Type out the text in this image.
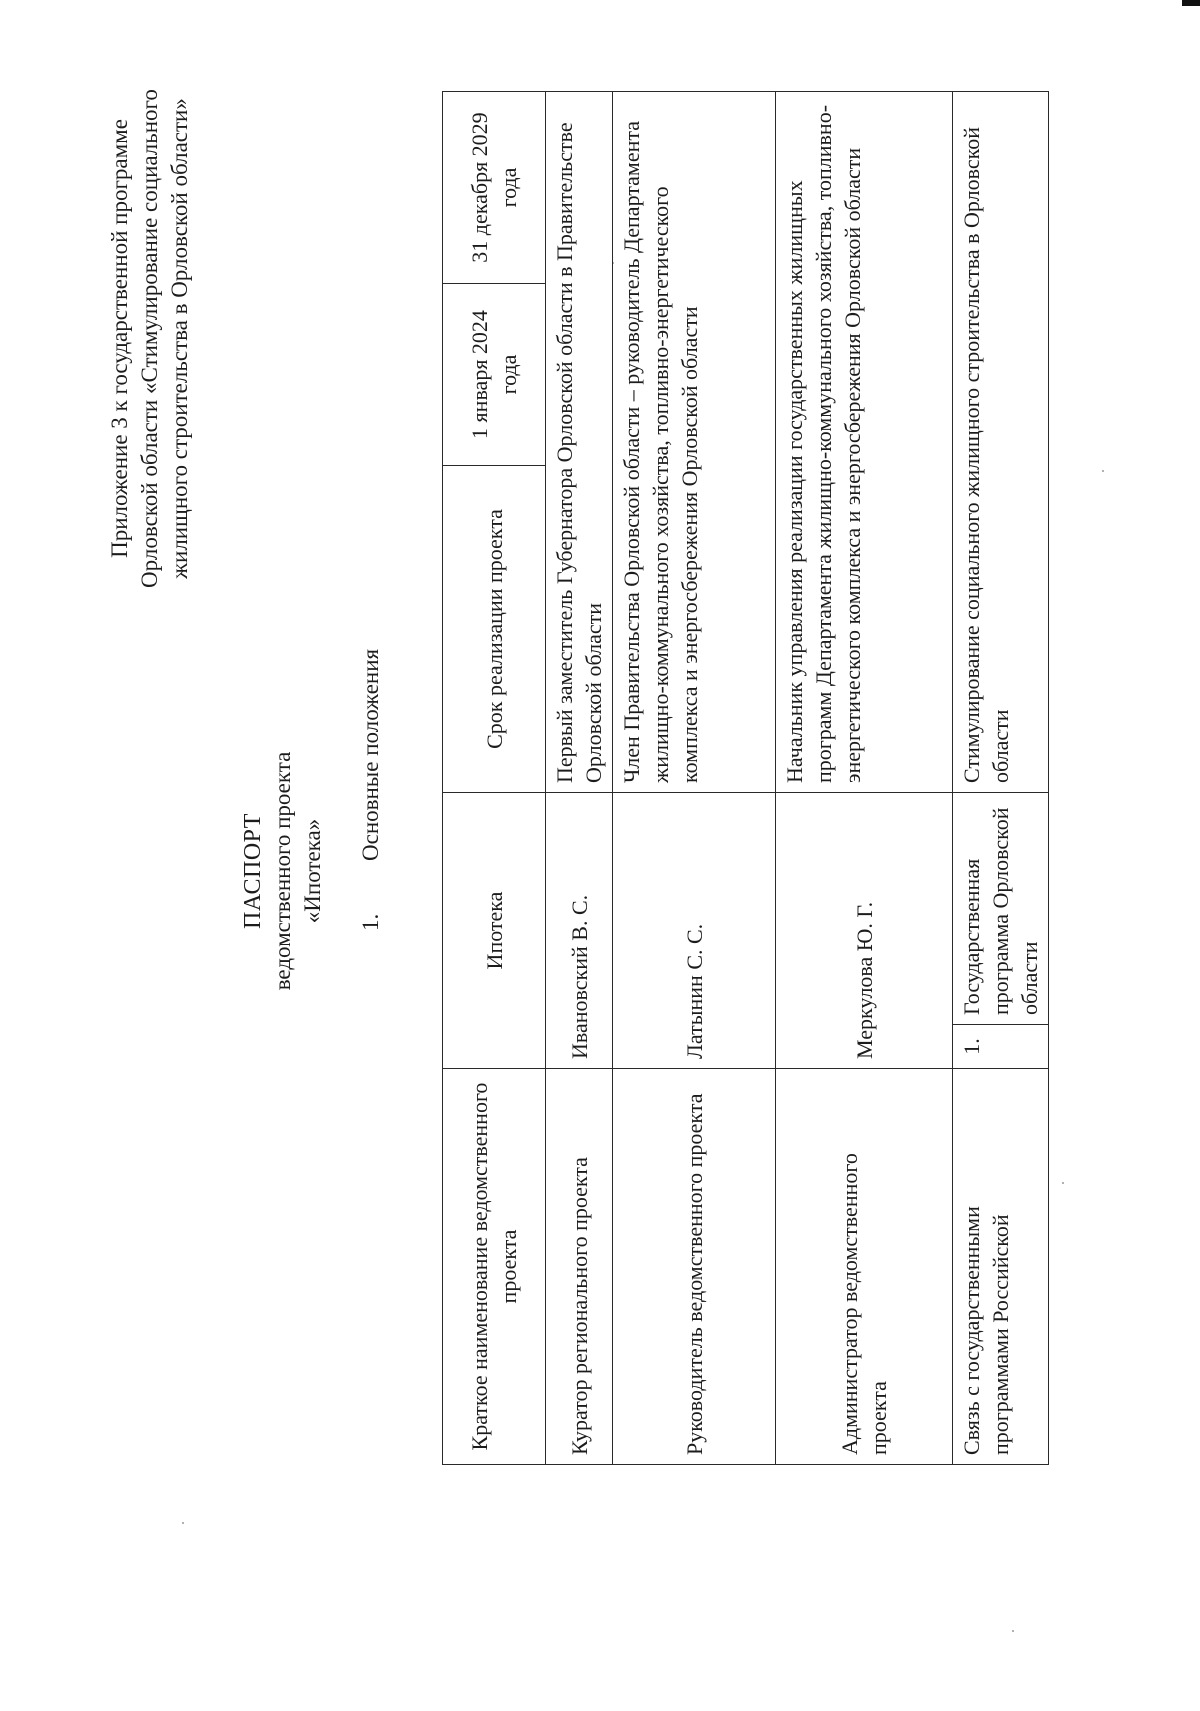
Приложение 3 к государственной программе Орловской области «Стимулирование социального жилищного строительства в Орловской области»
ПАСПОРТ ведомственного проекта «Ипотека» 1.Основные положения
Краткое наименование ведомственного проекта	Ипотека		Срок реализации проекта	1 января 2024 года	31 декабря 2029 года
Куратор регионального проекта	Ивановский В. С.		Первый заместитель Губернатора Орловской области в Правительстве Орловской области		
Руководитель ведомственного проекта	Латынин С. С.		Член Правительства Орловской области – руководитель Департамента жилищно-коммунального хозяйства, топливно-энергетического комплекса и энергосбережения Орловской области		
Администратор ведомственного проекта	Меркулова Ю. Г.		Начальник управления реализации государственных жилищных программ Департамента жилищно-коммунального хозяйства, топливно-энергетического комплекса и энергосбережения Орловской области		
Связь с государственными программами Российской	1.	Государственная программа Орловской области	Стимулирование социального жилищного строительства в Орловской области		
